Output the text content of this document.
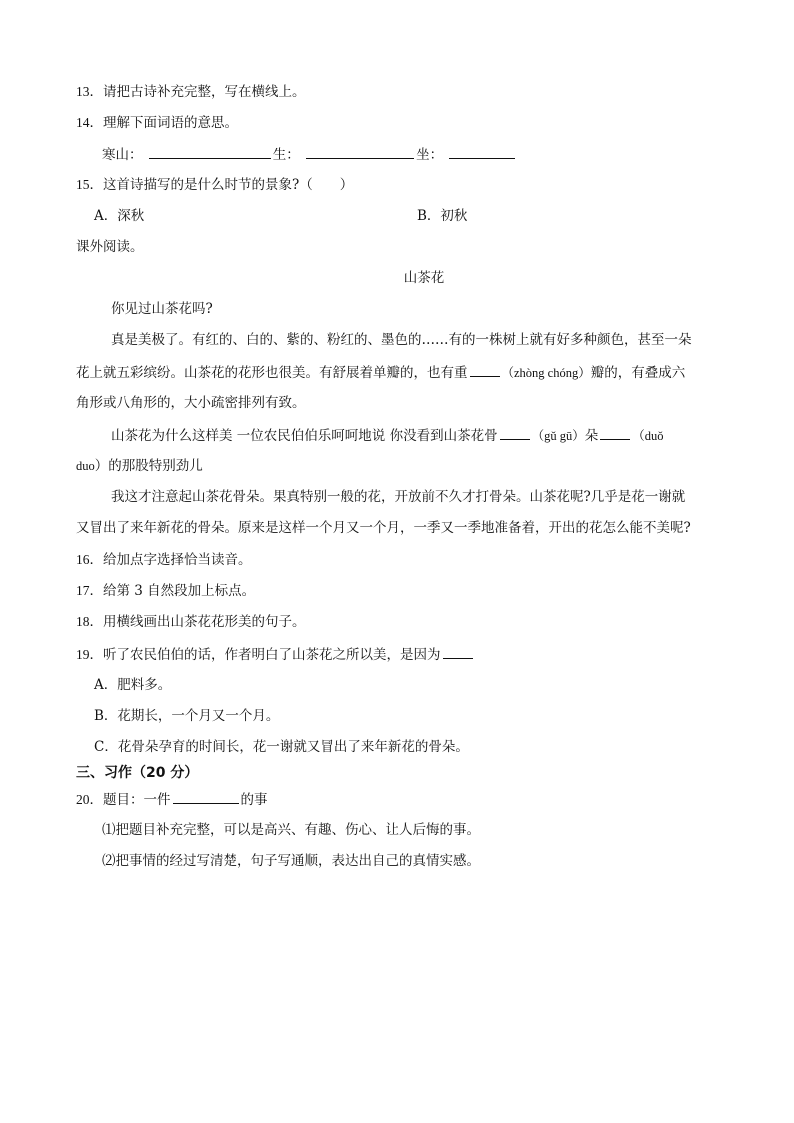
13．请把古诗补充完整，写在横线上。
14．理解下面词语的意思。
寒山：	生：	坐：
15．这首诗描写的是什么时节的景象?（　　）
A．深秋	B．初秋
课外阅读。
山茶花
你见过山茶花吗?
真是美极了。有红的、白的、紫的、粉红的、墨色的……有的一株树上就有好多种颜色，甚至一朵
花上就五彩缤纷。山茶花的花形也很美。有舒展着单瓣的，也有重	（zhòng chóng）瓣的，有叠成六
角形或八角形的，大小疏密排列有致。
山茶花为什么这样美 一位农民伯伯乐呵呵地说 你没看到山茶花骨	（gǔ gū）朵	（duǒ
duo）的那股特别劲儿
我这才注意起山茶花骨朵。果真特别一般的花，开放前不久才打骨朵。山茶花呢?几乎是花一谢就
又冒出了来年新花的骨朵。原来是这样一个月又一个月，一季又一季地准备着，开出的花怎么能不美呢?
16．给加点字选择恰当读音。
17．给第 3 自然段加上标点。
18．用横线画出山茶花花形美的句子。
19．听了农民伯伯的话，作者明白了山茶花之所以美，是因为
A．肥料多。
B．花期长，一个月又一个月。
C．花骨朵孕育的时间长，花一谢就又冒出了来年新花的骨朵。
三、习作（20 分）
20．题目：一件	的事
⑴把题目补充完整，可以是高兴、有趣、伤心、让人后悔的事。
⑵把事情的经过写清楚，句子写通顺，表达出自己的真情实感。
